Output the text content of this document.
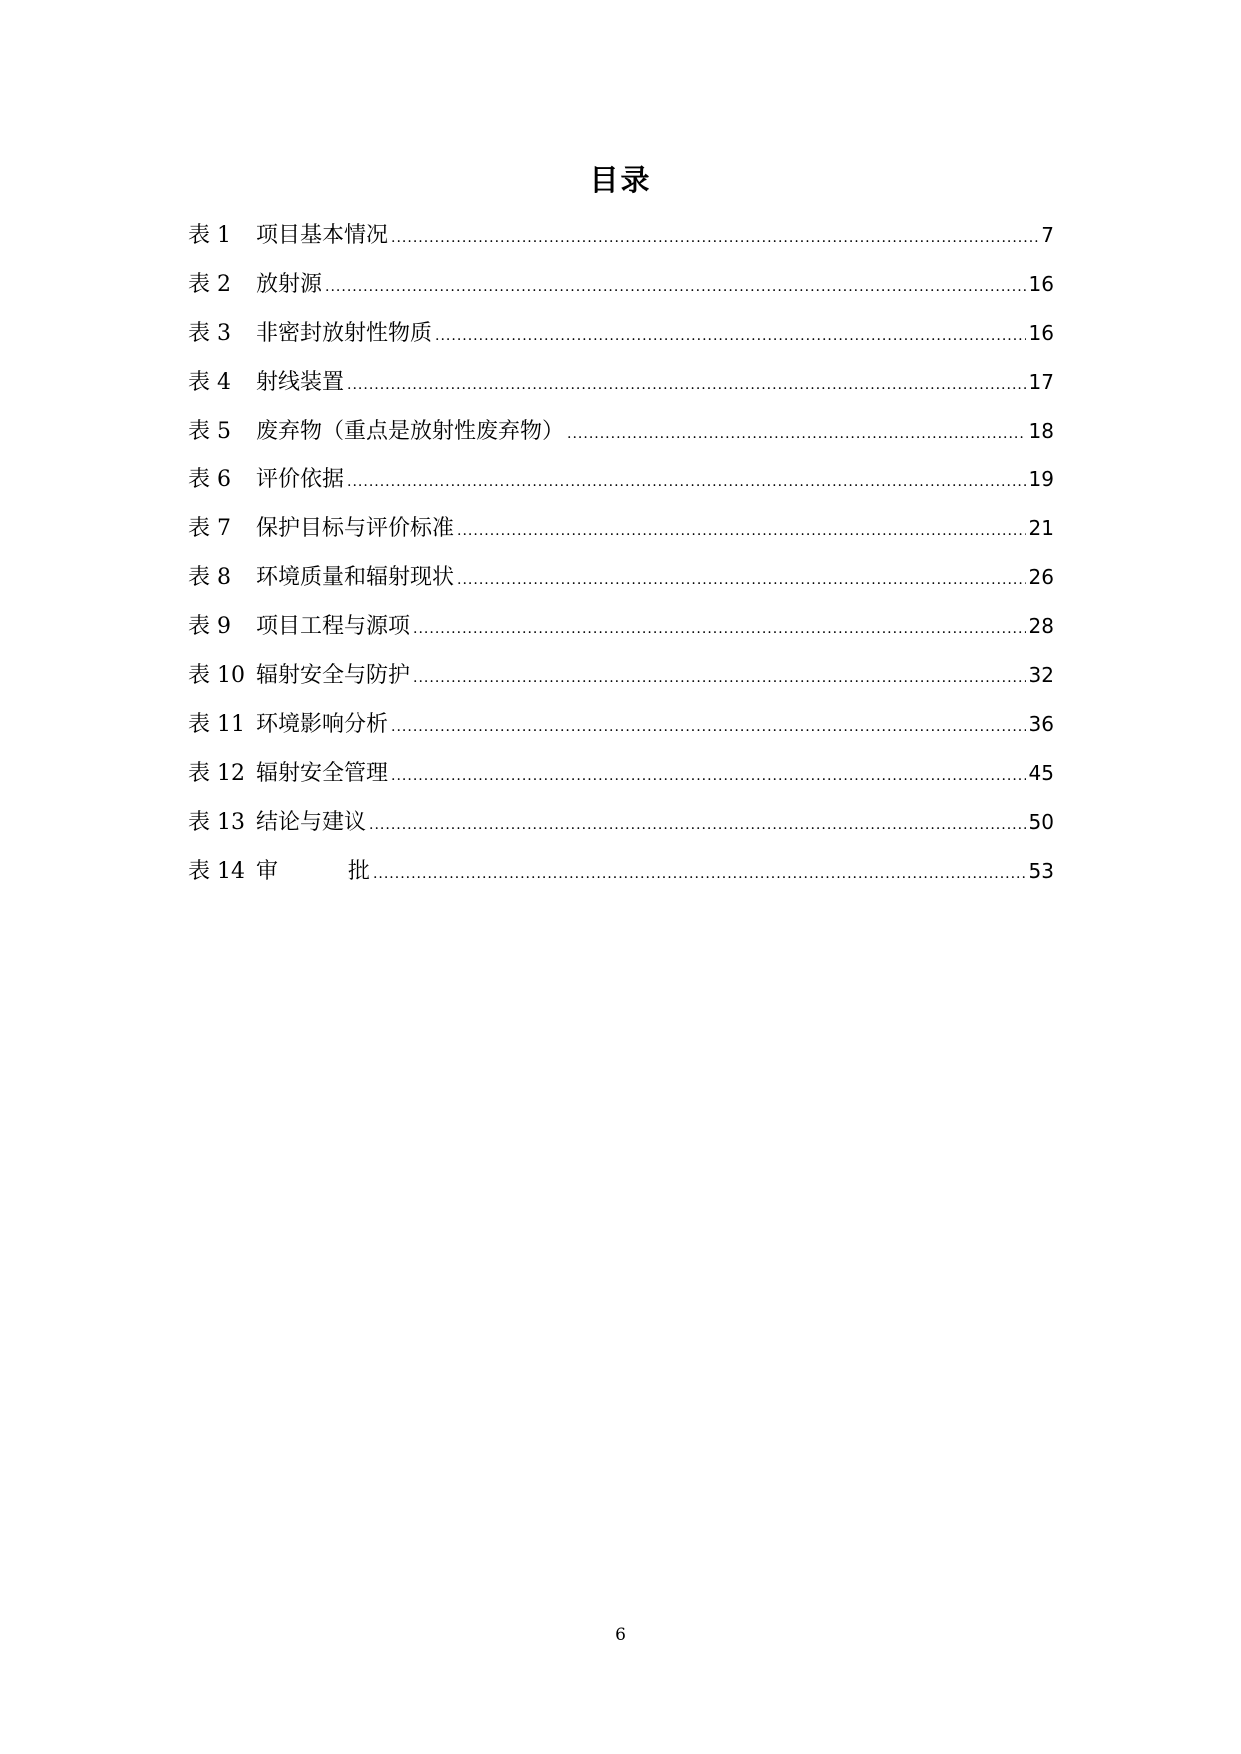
目录
表 1	项目基本情况 .....	7
表 2	放射源 .....	16
表 3	非密封放射性物质 .....	16
表 4	射线装置 .....	17
表 5	废弃物（重点是放射性废弃物） .....	18
表 6	评价依据 .....	19
表 7	保护目标与评价标准 .....	21
表 8	环境质量和辐射现状 .....	26
表 9	项目工程与源项 .....	28
表 10 辐射安全与防护 .....	32
表 11 环境影响分析 .....	36
表 12 辐射安全管理 .....	45
表 13 结论与建议 .....	50
表 14 审          批 .....	53
6
